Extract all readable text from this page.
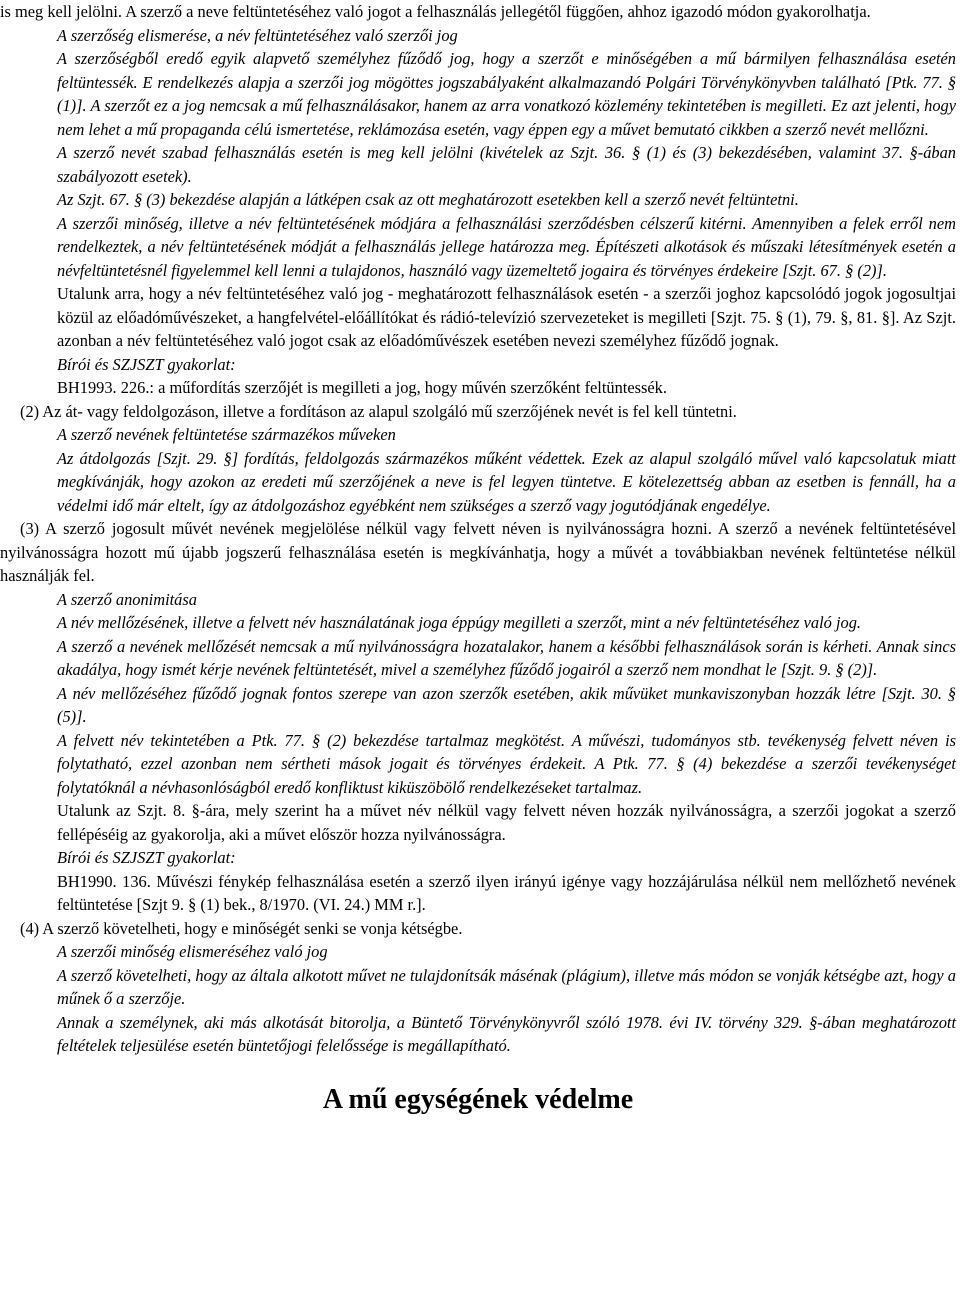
is meg kell jelölni. A szerző a neve feltüntetéséhez való jogot a felhasználás jellegétől függően, ahhoz igazodó módon gyakorolhatja.

A szerzőség elismerése, a név feltüntetéséhez való szerzői jog

A szerzőségből eredő egyik alapvető személyhez fűződő jog, hogy a szerzőt e minőségében a mű bármilyen felhasználása esetén feltüntessék. E rendelkezés alapja a szerzői jog mögöttes jogszabályaként alkalmazandó Polgári Törvénykönyvben található [Ptk. 77. § (1)]. A szerzőt ez a jog nemcsak a mű felhasználásakor, hanem az arra vonatkozó közlemény tekintetében is megilleti. Ez azt jelenti, hogy nem lehet a mű propaganda célú ismertetése, reklámozása esetén, vagy éppen egy a művet bemutató cikkben a szerző nevét mellőzni.

A szerző nevét szabad felhasználás esetén is meg kell jelölni (kivételek az Szjt. 36. § (1) és (3) bekezdésében, valamint 37. §-ában szabályozott esetek).

Az Szjt. 67. § (3) bekezdése alapján a látképen csak az ott meghatározott esetekben kell a szerző nevét feltüntetni.

A szerzői minőség, illetve a név feltüntetésének módjára a felhasználási szerződésben célszerű kitérni. Amennyiben a felek erről nem rendelkeztek, a név feltüntetésének módját a felhasználás jellege határozza meg. Építészeti alkotások és műszaki létesítmények esetén a névfeltüntetésnél figyelemmel kell lenni a tulajdonos, használó vagy üzemeltető jogaira és törvényes érdekeire [Szjt. 67. § (2)].

Utalunk arra, hogy a név feltüntetéséhez való jog - meghatározott felhasználások esetén - a szerzői joghoz kapcsolódó jogok jogosultjai közül az előadóművészeket, a hangfelvétel-előállítókat és rádió-televízió szervezeteket is megilleti [Szjt. 75. § (1), 79. §, 81. §]. Az Szjt. azonban a név feltüntetéséhez való jogot csak az előadóművészek esetében nevezi személyhez fűződő jognak.

Bírói és SZJSZT gyakorlat:

BH1993. 226.: a műfordítás szerzőjét is megilleti a jog, hogy művén szerzőként feltüntessék.

(2) Az át- vagy feldolgozáson, illetve a fordításon az alapul szolgáló mű szerzőjének nevét is fel kell tüntetni.

A szerző nevének feltüntetése származékos műveken

Az átdolgozás [Szjt. 29. §] fordítás, feldolgozás származékos műként védettek. Ezek az alapul szolgáló művel való kapcsolatuk miatt megkívánják, hogy azokon az eredeti mű szerzőjének a neve is fel legyen tüntetve. E kötelezettség abban az esetben is fennáll, ha a védelmi idő már eltelt, így az átdolgozáshoz egyébként nem szükséges a szerző vagy jogutódjának engedélye.

(3) A szerző jogosult művét nevének megjelölése nélkül vagy felvett néven is nyilvánosságra hozni. A szerző a nevének feltüntetésével nyilvánosságra hozott mű újabb jogszerű felhasználása esetén is megkívánhatja, hogy a művét a továbbiakban nevének feltüntetése nélkül használják fel.

A szerző anonimitása

A név mellőzésének, illetve a felvett név használatának joga éppúgy megilleti a szerzőt, mint a név feltüntetéséhez való jog.

A szerző a nevének mellőzését nemcsak a mű nyilvánosságra hozatalakor, hanem a későbbi felhasználások során is kérheti. Annak sincs akadálya, hogy ismét kérje nevének feltüntetését, mivel a személyhez fűződő jogairól a szerző nem mondhat le [Szjt. 9. § (2)].

A név mellőzéséhez fűződő jognak fontos szerepe van azon szerzők esetében, akik művüket munkaviszonyban hozzák létre [Szjt. 30. § (5)].

A felvett név tekintetében a Ptk. 77. § (2) bekezdése tartalmaz megkötést. A művészi, tudományos stb. tevékenység felvett néven is folytatható, ezzel azonban nem sértheti mások jogait és törvényes érdekeit. A Ptk. 77. § (4) bekezdése a szerzői tevékenységet folytatóknál a névhasonlóságból eredő konfliktust kiküszöbölő rendelkezéseket tartalmaz.

Utalunk az Szjt. 8. §-ára, mely szerint ha a művet név nélkül vagy felvett néven hozzák nyilvánosságra, a szerzői jogokat a szerző fellépéséig az gyakorolja, aki a művet először hozza nyilvánosságra.

Bírói és SZJSZT gyakorlat:

BH1990. 136. Művészi fénykép felhasználása esetén a szerző ilyen irányú igénye vagy hozzájárulása nélkül nem mellőzhető nevének feltüntetése [Szjt 9. § (1) bek., 8/1970. (VI. 24.) MM r.].

(4) A szerző követelheti, hogy e minőségét senki se vonja kétségbe.

A szerzői minőség elismeréséhez való jog

A szerző követelheti, hogy az általa alkotott művet ne tulajdonítsák másénak (plágium), illetve más módon se vonják kétségbe azt, hogy a műnek ő a szerzője.

Annak a személynek, aki más alkotását bitorolja, a Büntető Törvénykönyvről szóló 1978. évi IV. törvény 329. §-ában meghatározott feltételek teljesülése esetén büntetőjogi felelőssége is megállapítható.

A mű egységének védelme
